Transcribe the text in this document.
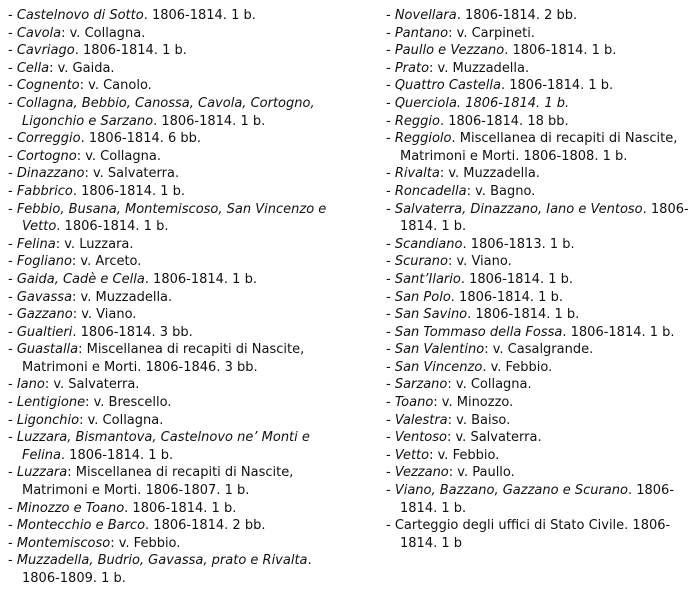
- Castelnovo di Sotto. 1806-1814. 1 b.
- Cavola: v. Collagna.
- Cavriago. 1806-1814. 1 b.
- Cella: v. Gaida.
- Cognento: v. Canolo.
- Collagna, Bebbio, Canossa, Cavola, Cortogno, Ligonchio e Sarzano. 1806-1814. 1 b.
- Correggio. 1806-1814. 6 bb.
- Cortogno: v. Collagna.
- Dinazzano: v. Salvaterra.
- Fabbrico. 1806-1814. 1 b.
- Febbio, Busana, Montemiscoso, San Vincenzo e Vetto. 1806-1814. 1 b.
- Felina: v. Luzzara.
- Fogliano: v. Arceto.
- Gaida, Cadè e Cella. 1806-1814. 1 b.
- Gavassa: v. Muzzadella.
- Gazzano: v. Viano.
- Gualtieri. 1806-1814. 3 bb.
- Guastalla: Miscellanea di recapiti di Nascite, Matrimoni e Morti. 1806-1846. 3 bb.
- Iano: v. Salvaterra.
- Lentigione: v. Brescello.
- Ligonchio: v. Collagna.
- Luzzara, Bismantova, Castelnovo ne’ Monti e Felina. 1806-1814. 1 b.
- Luzzara: Miscellanea di recapiti di Nascite, Matrimoni e Morti. 1806-1807. 1 b.
- Minozzo e Toano. 1806-1814. 1 b.
- Montecchio e Barco. 1806-1814. 2 bb.
- Montemiscoso: v. Febbio.
- Muzzadella, Budrio, Gavassa, prato e Rivalta. 1806-1809. 1 b.
- Novellara. 1806-1814. 2 bb.
- Pantano: v. Carpineti.
- Paullo e Vezzano. 1806-1814. 1 b.
- Prato: v. Muzzadella.
- Quattro Castella. 1806-1814. 1 b.
- Querciola. 1806-1814. 1 b.
- Reggio. 1806-1814. 18 bb.
- Reggiolo. Miscellanea di recapiti di Nascite, Matrimoni e Morti. 1806-1808. 1 b.
- Rivalta: v. Muzzadella.
- Roncadella: v. Bagno.
- Salvaterra, Dinazzano, Iano e Ventoso. 1806-1814. 1 b.
- Scandiano. 1806-1813. 1 b.
- Scurano: v. Viano.
- Sant’Ilario. 1806-1814. 1 b.
- San Polo. 1806-1814. 1 b.
- San Savino. 1806-1814. 1 b.
- San Tommaso della Fossa. 1806-1814. 1 b.
- San Valentino: v. Casalgrande.
- San Vincenzo. v. Febbio.
- Sarzano: v. Collagna.
- Toano: v. Minozzo.
- Valestra: v. Baiso.
- Ventoso: v. Salvaterra.
- Vetto: v. Febbio.
- Vezzano: v. Paullo.
- Viano, Bazzano, Gazzano e Scurano. 1806-1814. 1 b.
- Carteggio degli uffici di Stato Civile. 1806-1814. 1 b
